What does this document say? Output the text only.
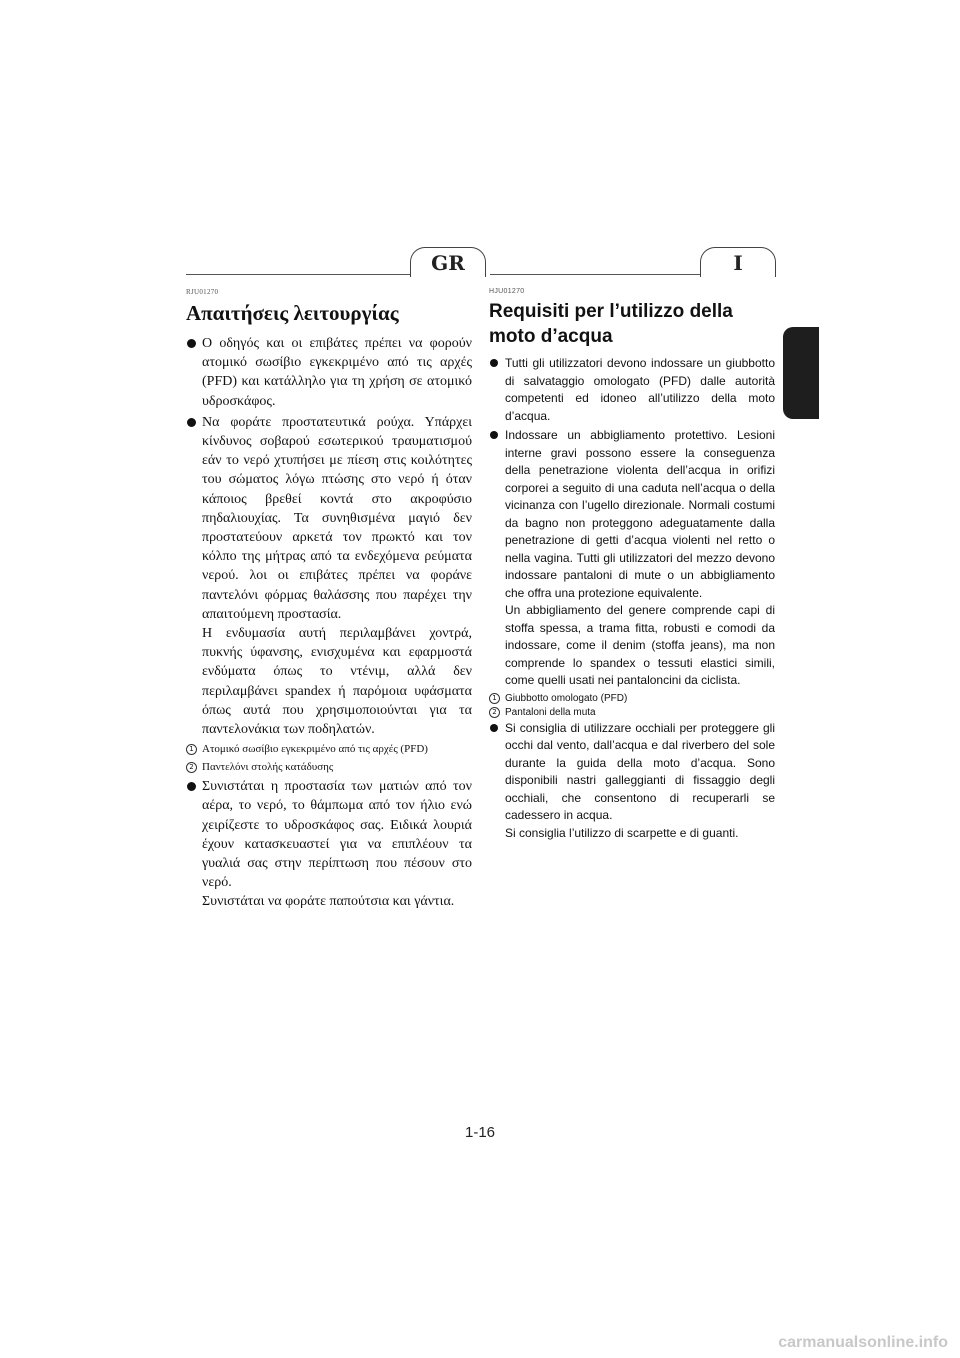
GR	I
RJU01270
Απαιτήσεις λειτουργίας

Ο οδηγός και οι επιβάτες πρέπει να φορούν ατομικό σωσίβιο εγκεκριμένο από τις αρχές (PFD) και κατάλληλο για τη χρήση σε ατομικό υδροσκάφος.

Να φοράτε προστατευτικά ρούχα. Υπάρχει κίνδυνος σοβαρού εσωτερικού τραυματισμού εάν το νερό χτυπήσει με πίεση στις κοιλότητες του σώματος λόγω πτώσης στο νερό ή όταν κάποιος βρεθεί κοντά στο ακροφύσιο πηδαλιουχίας. Τα συνηθισμένα μαγιό δεν προστατεύουν αρκετά τον πρωκτό και τον κόλπο της μήτρας από τα ενδεχόμενα ρεύματα νερού. λοι οι επιβάτες πρέπει να φοράνε παντελόνι φόρμας θαλάσσης που παρέχει την απαιτούμενη προστασία.

Η ενδυμασία αυτή περιλαμβάνει χοντρά, πυκνής ύφανσης, ενισχυμένα και εφαρμοστά ενδύματα όπως το ντένιμ, αλλά δεν περιλαμβάνει spandex ή παρόμοια υφάσματα όπως αυτά που χρησιμοποιούνται για τα παντελονάκια των ποδηλατών.

1 Ατομικό σωσίβιο εγκεκριμένο από τις αρχές (PFD)
2 Παντελόνι στολής κατάδυσης

Συνιστάται η προστασία των ματιών από τον αέρα, το νερό, το θάμπωμα από τον ήλιο ενώ χειρίζεστε το υδροσκάφος σας. Ειδικά λουριά έχουν κατασκευαστεί για να επιπλέουν τα γυαλιά σας στην περίπτωση που πέσουν στο νερό.

Συνιστάται να φοράτε παπούτσια και γάντια.

HJU01270
Requisiti per l’utilizzo della moto d’acqua

Tutti gli utilizzatori devono indossare un giubbotto di salvataggio omologato (PFD) dalle autorità competenti ed idoneo all’utilizzo della moto d’acqua.

Indossare un abbigliamento protettivo. Lesioni interne gravi possono essere la conseguenza della penetrazione violenta dell’acqua in orifizi corporei a seguito di una caduta nell’acqua o della vicinanza con l’ugello direzionale. Normali costumi da bagno non proteggono adeguatamente dalla penetrazione di getti d’acqua violenti nel retto o nella vagina. Tutti gli utilizzatori del mezzo devono indossare pantaloni di mute o un abbigliamento che offra una protezione equivalente.

Un abbigliamento del genere comprende capi di stoffa spessa, a trama fitta, robusti e comodi da indossare, come il denim (stoffa jeans), ma non comprende lo spandex o tessuti elastici simili, come quelli usati nei pantaloncini da ciclista.

1 Giubbotto omologato (PFD)
2 Pantaloni della muta

Si consiglia di utilizzare occhiali per proteggere gli occhi dal vento, dall’acqua e dal riverbero del sole durante la guida della moto d’acqua. Sono disponibili nastri galleggianti di fissaggio degli occhiali, che consentono di recuperarli se cadessero in acqua.

Si consiglia l’utilizzo di scarpette e di guanti.

1-16
carmanualsonline.info
